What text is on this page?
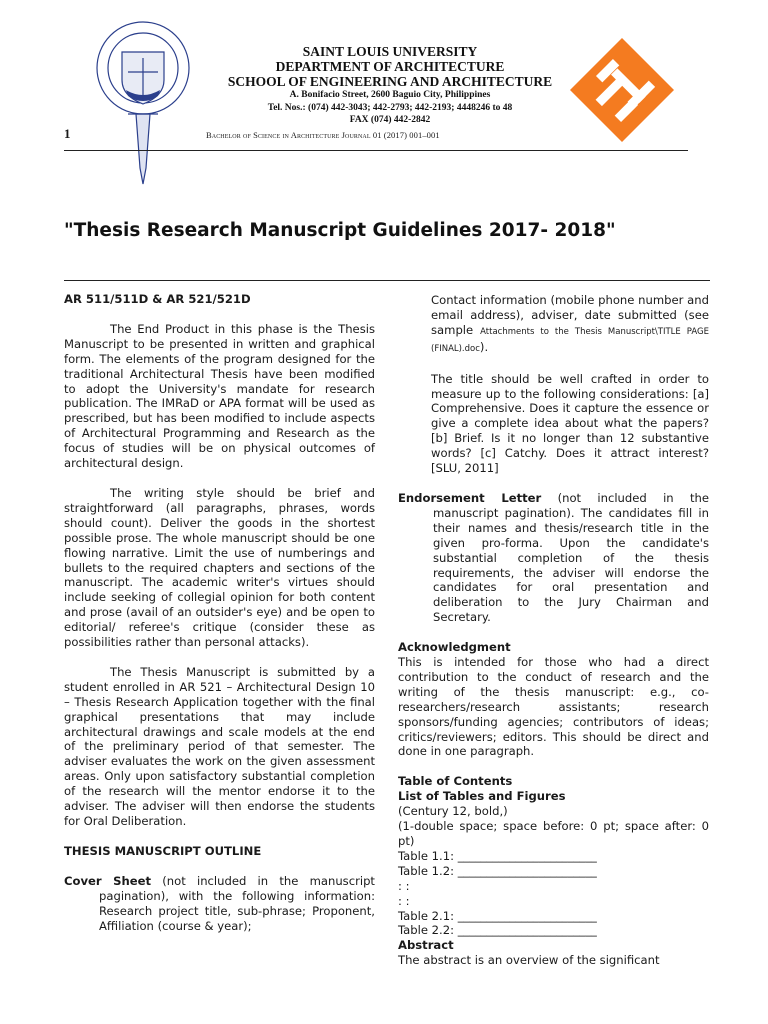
SAINT LOUIS UNIVERSITY
DEPARTMENT OF ARCHITECTURE
SCHOOL OF ENGINEERING AND ARCHITECTURE
A. Bonifacio Street, 2600 Baguio City, Philippines
Tel. Nos.: (074) 442-3043; 442-2793; 442-2193; 4448246 to 48
FAX (074) 442-2842
1	Bachelor of Science in Architecture Journal 01 (2017) 001–001
"Thesis Research Manuscript Guidelines 2017- 2018"

AR 511/511D & AR 521/521D

The End Product in this phase is the Thesis Manuscript to be presented in written and graphical form. The elements of the program designed for the traditional Architectural Thesis have been modified to adopt the University's mandate for research publication. The IMRaD or APA format will be used as prescribed, but has been modified to include aspects of Architectural Programming and Research as the focus of studies will be on physical outcomes of architectural design.

The writing style should be brief and straightforward (all paragraphs, phrases, words should count). Deliver the goods in the shortest possible prose. The whole manuscript should be one flowing narrative. Limit the use of numberings and bullets to the required chapters and sections of the manuscript. The academic writer's virtues should include seeking of collegial opinion for both content and prose (avail of an outsider's eye) and be open to editorial/ referee's critique (consider these as possibilities rather than personal attacks).

The Thesis Manuscript is submitted by a student enrolled in AR 521 – Architectural Design 10 – Thesis Research Application together with the final graphical presentations that may include architectural drawings and scale models at the end of the preliminary period of that semester. The adviser evaluates the work on the given assessment areas. Only upon satisfactory substantial completion of the research will the mentor endorse it to the adviser. The adviser will then endorse the students for Oral Deliberation.

THESIS MANUSCRIPT OUTLINE

Cover Sheet (not included in the manuscript pagination), with the following information: Research project title, sub-phrase; Proponent, Affiliation (course & year);

Contact information (mobile phone number and email address), adviser, date submitted (see sample Attachments to the Thesis Manuscript\TITLE PAGE (FINAL).doc).

The title should be well crafted in order to measure up to the following considerations: [a] Comprehensive. Does it capture the essence or give a complete idea about what the papers? [b] Brief. Is it no longer than 12 substantive words? [c] Catchy. Does it attract interest? [SLU, 2011]

Endorsement Letter (not included in the manuscript pagination). The candidates fill in their names and thesis/research title in the given pro-forma. Upon the candidate's substantial completion of the thesis requirements, the adviser will endorse the candidates for oral presentation and deliberation to the Jury Chairman and Secretary.

Acknowledgment

This is intended for those who had a direct contribution to the conduct of research and the writing of the thesis manuscript: e.g., co-researchers/research assistants; research sponsors/funding agencies; contributors of ideas; critics/reviewers; editors. This should be direct and done in one paragraph.

Table of Contents

List of Tables and Figures

(Century 12, bold,)

(1-double space; space before: 0 pt; space after: 0 pt)

Table 1.1: ________________________

Table 1.2: ________________________

: :

: :

Table 2.1: ________________________

Table 2.2: ________________________

Abstract

The abstract is an overview of the significant
